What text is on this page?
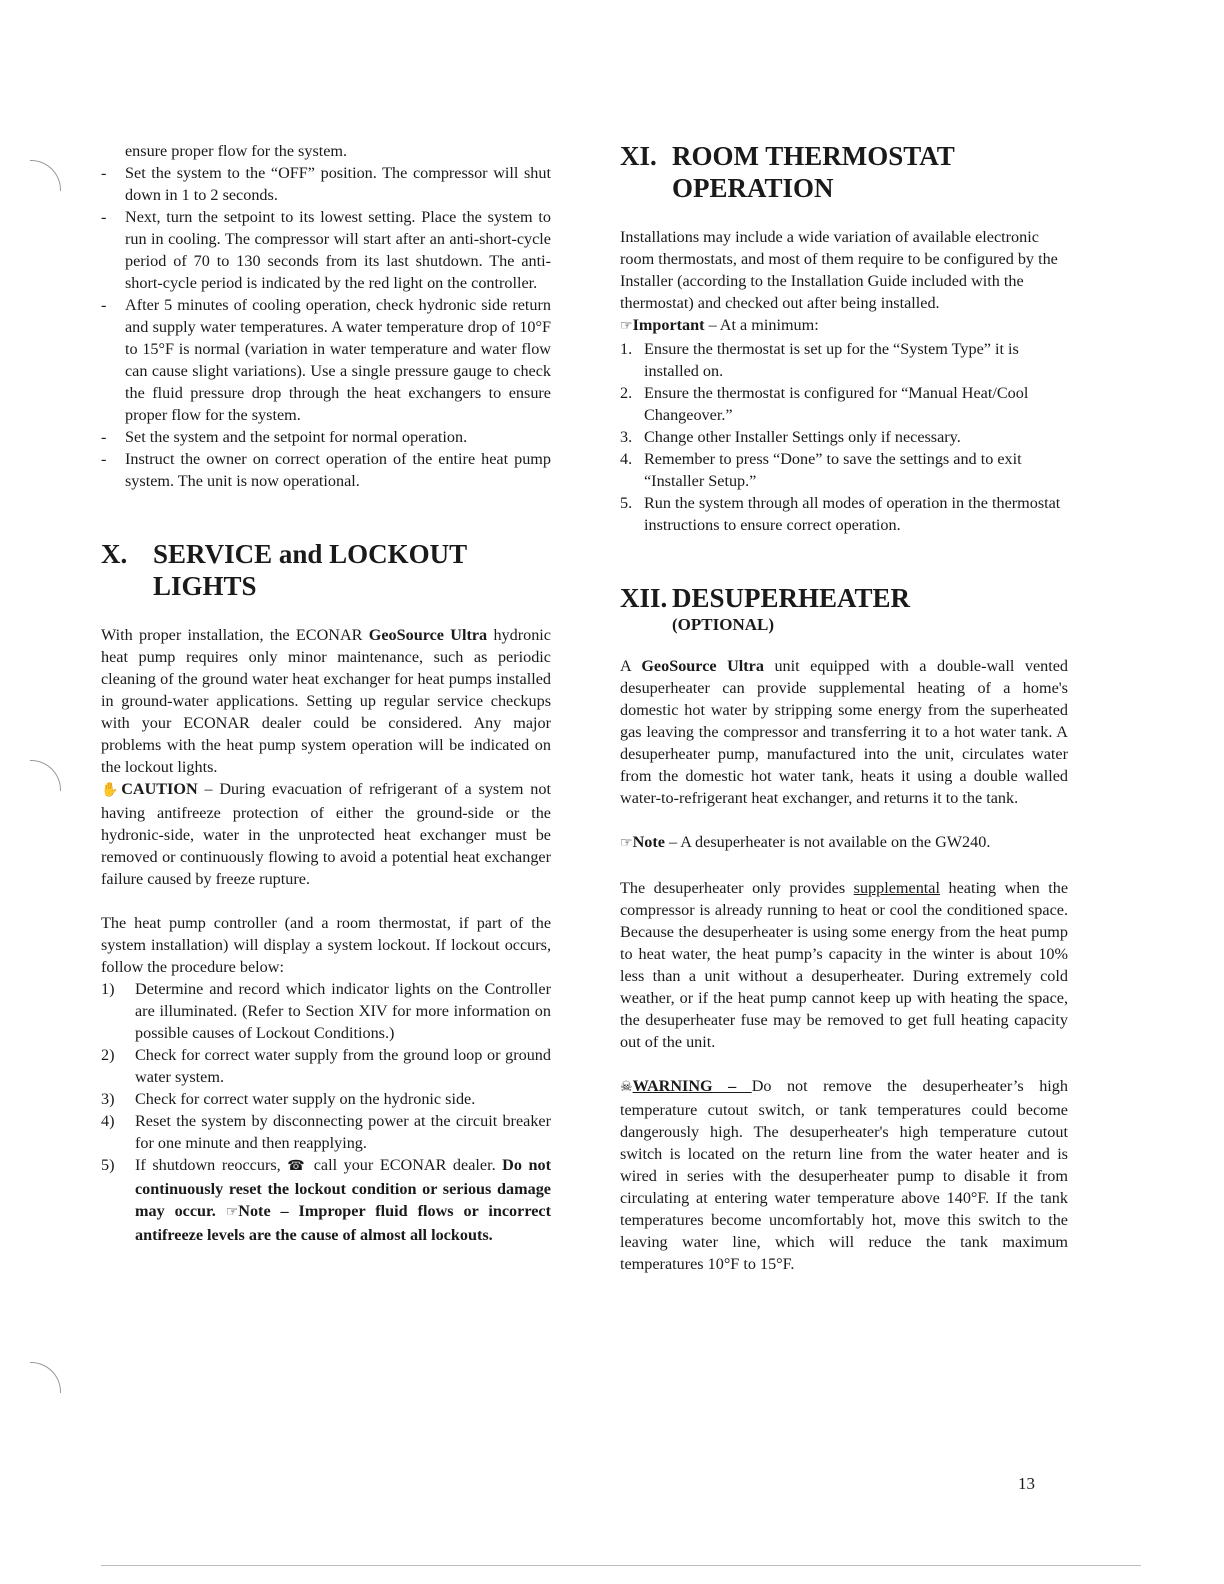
ensure proper flow for the system.

- Set the system to the “OFF” position. The compressor will shut down in 1 to 2 seconds.
- Next, turn the setpoint to its lowest setting. Place the system to run in cooling. The compressor will start after an anti-short-cycle period of 70 to 130 seconds from its last shutdown. The anti-short-cycle period is indicated by the red light on the controller.
- After 5 minutes of cooling operation, check hydronic side return and supply water temperatures. A water temperature drop of 10°F to 15°F is normal (variation in water temperature and water flow can cause slight variations). Use a single pressure gauge to check the fluid pressure drop through the heat exchangers to ensure proper flow for the system.
- Set the system and the setpoint for normal operation.
- Instruct the owner on correct operation of the entire heat pump system. The unit is now operational.
X. SERVICE and LOCKOUT
LIGHTS

With proper installation, the ECONAR GeoSource Ultra hydronic heat pump requires only minor maintenance, such as periodic cleaning of the ground water heat exchanger for heat pumps installed in ground-water applications. Setting up regular service checkups with your ECONAR dealer could be considered. Any major problems with the heat pump system operation will be indicated on the lockout lights.

✋CAUTION – During evacuation of refrigerant of a system not having antifreeze protection of either the ground-side or the hydronic-side, water in the unprotected heat exchanger must be removed or continuously flowing to avoid a potential heat exchanger failure caused by freeze rupture.

The heat pump controller (and a room thermostat, if part of the system installation) will display a system lockout. If lockout occurs, follow the procedure below:

1) Determine and record which indicator lights on the Controller are illuminated. (Refer to Section XIV for more information on possible causes of Lockout Conditions.)
2) Check for correct water supply from the ground loop or ground water system.
3) Check for correct water supply on the hydronic side.
4) Reset the system by disconnecting power at the circuit breaker for one minute and then reapplying.
5) If shutdown reoccurs, ☎ call your ECONAR dealer. Do not continuously reset the lockout condition or serious damage may occur. ☞Note – Improper fluid flows or incorrect antifreeze levels are the cause of almost all lockouts.
XI. ROOM THERMOSTAT
OPERATION

Installations may include a wide variation of available electronic room thermostats, and most of them require to be configured by the Installer (according to the Installation Guide included with the thermostat) and checked out after being installed.

☞Important – At a minimum:

1. Ensure the thermostat is set up for the “System Type” it is installed on.
2. Ensure the thermostat is configured for “Manual Heat/Cool Changeover.”
3. Change other Installer Settings only if necessary.
4. Remember to press “Done” to save the settings and to exit “Installer Setup.”
5. Run the system through all modes of operation in the thermostat instructions to ensure correct operation.
XII. DESUPERHEATER
(OPTIONAL)

A GeoSource Ultra unit equipped with a double-wall vented desuperheater can provide supplemental heating of a home's domestic hot water by stripping some energy from the superheated gas leaving the compressor and transferring it to a hot water tank. A desuperheater pump, manufactured into the unit, circulates water from the domestic hot water tank, heats it using a double walled water-to-refrigerant heat exchanger, and returns it to the tank.

☞Note – A desuperheater is not available on the GW240.

The desuperheater only provides supplemental heating when the compressor is already running to heat or cool the conditioned space. Because the desuperheater is using some energy from the heat pump to heat water, the heat pump’s capacity in the winter is about 10% less than a unit without a desuperheater. During extremely cold weather, or if the heat pump cannot keep up with heating the space, the desuperheater fuse may be removed to get full heating capacity out of the unit.

☠WARNING – Do not remove the desuperheater’s high temperature cutout switch, or tank temperatures could become dangerously high. The desuperheater's high temperature cutout switch is located on the return line from the water heater and is wired in series with the desuperheater pump to disable it from circulating at entering water temperature above 140°F. If the tank temperatures become uncomfortably hot, move this switch to the leaving water line, which will reduce the tank maximum temperatures 10°F to 15°F.

13
